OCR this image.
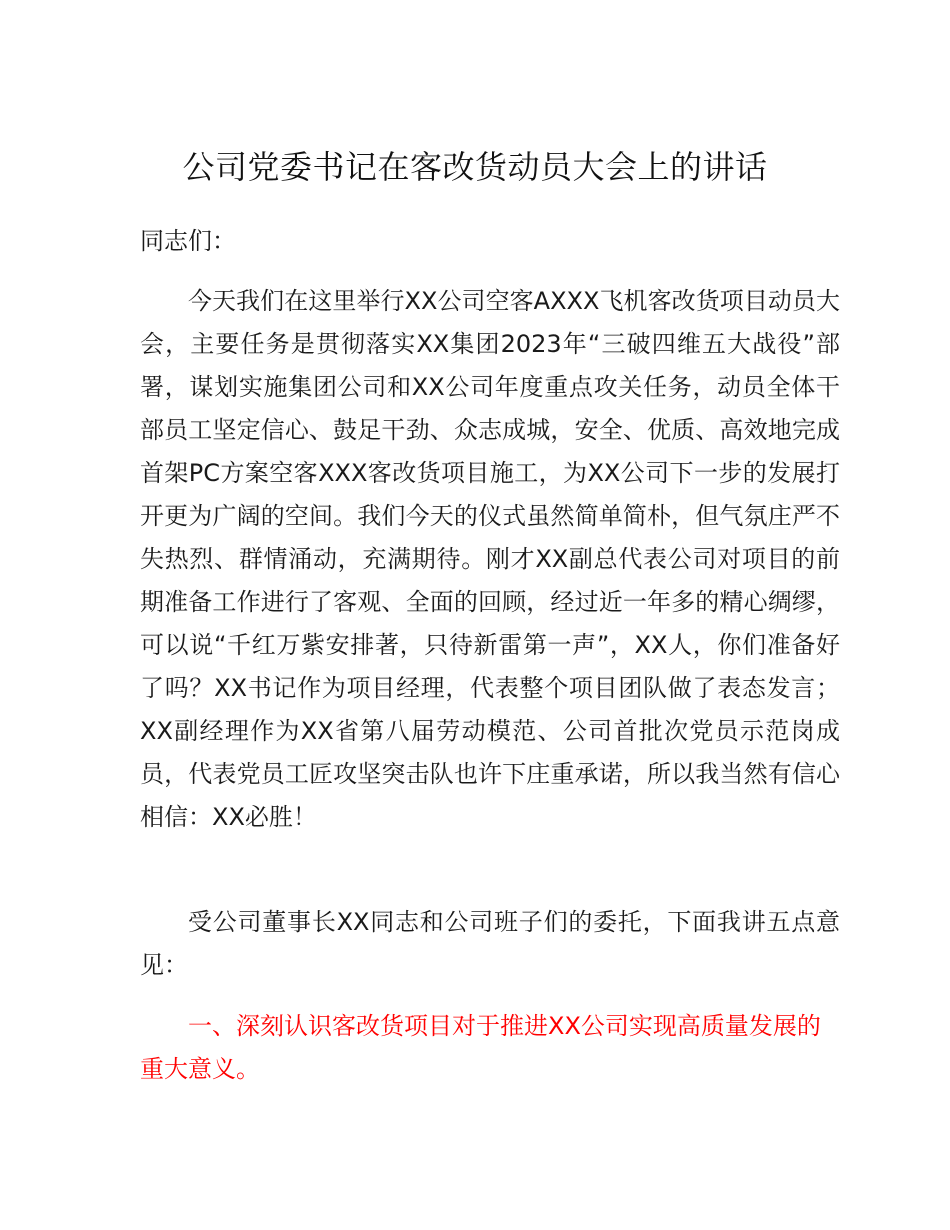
公司党委书记在客改货动员大会上的讲话
同志们：

今天我们在这里举行XX公司空客AXXX飞机客改货项目动员大会，主要任务是贯彻落实XX集团2023年“三破四维五大战役”部署，谋划实施集团公司和XX公司年度重点攻关任务，动员全体干部员工坚定信心、鼓足干劲、众志成城，安全、优质、高效地完成首架PC方案空客XXX客改货项目施工，为XX公司下一步的发展打开更为广阔的空间。我们今天的仪式虽然简单简朴，但气氛庄严不失热烈、群情涌动，充满期待。刚才XX副总代表公司对项目的前期准备工作进行了客观、全面的回顾，经过近一年多的精心绸缪，可以说“千红万紫安排著，只待新雷第一声”，XX人，你们准备好了吗？XX书记作为项目经理，代表整个项目团队做了表态发言；XX副经理作为XX省第八届劳动模范、公司首批次党员示范岗成员，代表党员工匠攻坚突击队也许下庄重承诺，所以我当然有信心相信：XX必胜！

受公司董事长XX同志和公司班子们的委托，下面我讲五点意见：

一、深刻认识客改货项目对于推进XX公司实现高质量发展的重大意义。
